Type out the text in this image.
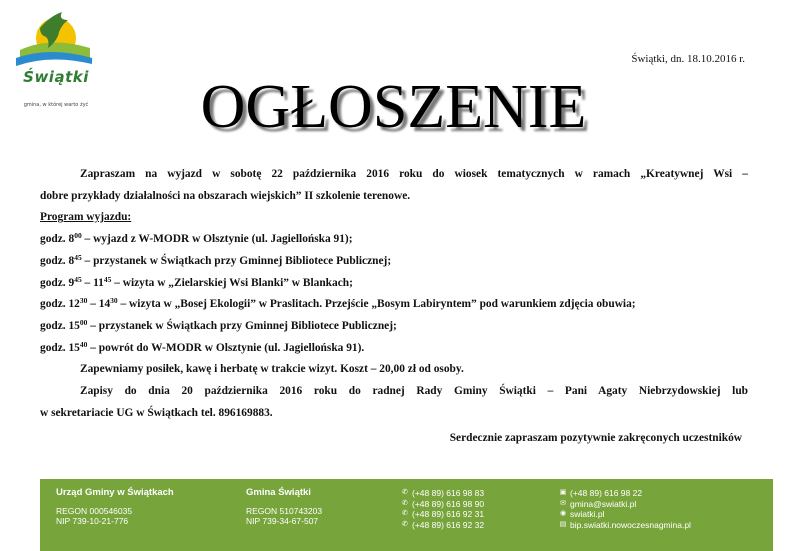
Świątki
gmina, w której warto żyć
Świątki, dn. 18.10.2016 r.
OGŁOSZENIE

Zapraszam na wyjazd w sobotę 22 października 2016 roku do wiosek tematycznych w ramach „Kreatywnej Wsi –

dobre przykłady działalności na obszarach wiejskich” II szkolenie terenowe.

Program wyjazdu:

godz. $8^{00}$ – wyjazd z W-MODR w Olsztynie (ul. Jagiellońska 91);

godz. $8^{45}$ – przystanek w Świątkach przy Gminnej Bibliotece Publicznej;

godz. $9^{45} - 11^{45}$ – wizyta w „Zielarskiej Wsi Blanki” w Blankach;

godz. $12^{30} - 14^{30}$ – wizyta w „Bosej Ekologii” w Praslitach. Przejście „Bosym Labiryntem” pod warunkiem zdjęcia obuwia;

godz. $15^{00}$ – przystanek w Świątkach przy Gminnej Bibliotece Publicznej;

godz. $15^{40}$ – powrót do W-MODR w Olsztynie (ul. Jagiellońska 91).

Zapewniamy posiłek, kawę i herbatę w trakcie wizyt. Koszt – 20,00 zł od osoby.

Zapisy do dnia 20 października 2016 roku do radnej Rady Gminy Świątki – Pani Agaty Niebrzydowskiej lub

w sekretariacie UG w Świątkach tel. 896169883.

Serdecznie zapraszam pozytywnie zakręconych uczestników

Urząd Gminy w Świątkach
REGON 000546035
NIP 739-10-21-776
Gmina Świątki
REGON 510743203
NIP 739-34-67-507
✆ (+48 89) 616 98 83
✆ (+48 89) 616 98 90
✆ (+48 89) 616 92 31
✆ (+48 89) 616 92 32
▣ (+48 89) 616 98 22
✉ gmina@swiatki.pl
◉ swiatki.pl
▤ bip.swiatki.nowoczesnagmina.pl
